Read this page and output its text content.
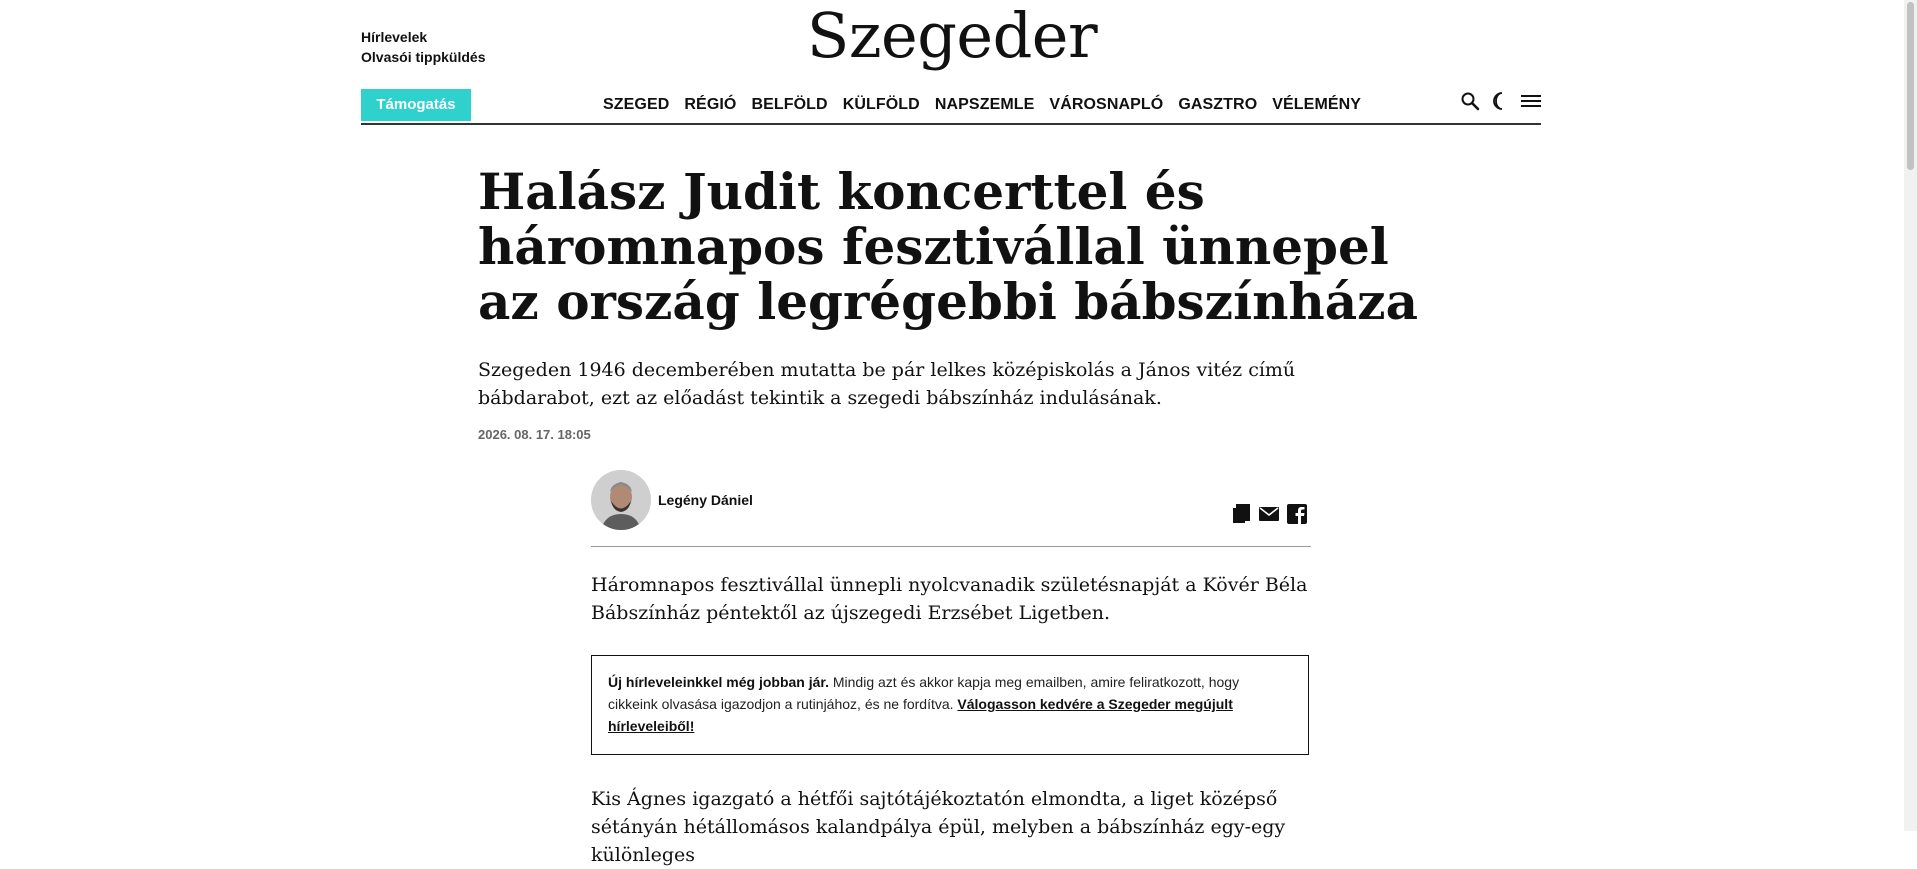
Hírlevelek
Olvasói tippküldés	Szegeder
Támogatás	SZEGED RÉGIÓ BELFÖLD KÜLFÖLD NAPSZEMLE VÁROSNAPLÓ GASZTRO VÉLEMÉNY
Halász Judit koncerttel és háromnapos fesztivállal ünnepel az ország legrégebbi bábszínháza

Szegeden 1946 decemberében mutatta be pár lelkes középiskolás a János vitéz című bábdarabot, ezt az előadást tekintik a szegedi bábszínház indulásának.

2026. 08. 17. 18:05
Legény Dániel

Háromnapos fesztivállal ünnepli nyolcvanadik születésnapját a Kövér Béla Bábszínház péntektől az újszegedi Erzsébet Ligetben.

Új hírleveleinkkel még jobban jár. Mindig azt és akkor kapja meg emailben, amire feliratkozott, hogy cikkeink olvasása igazodjon a rutinjához, és ne fordítva. Válogasson kedvére a Szegeder megújult hírleveleiből!

Kis Ágnes igazgató a hétfői sajtótájékoztatón elmondta, a liget középső sétányán hétállomásos kalandpálya épül, melyben a bábszínház egy-egy különleges
